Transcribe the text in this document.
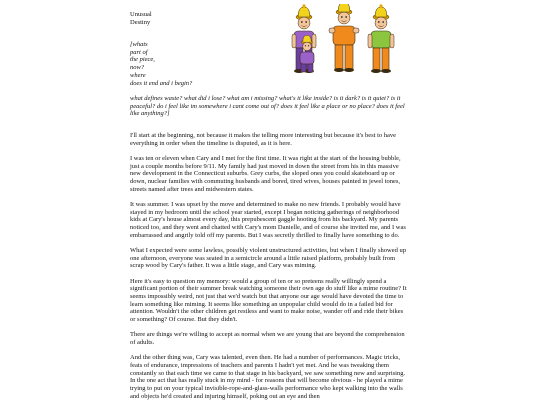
Unusual
Destiny
[whats
part of
the piece,
now?
where
does it end and i begin?
what defines waste? what did i lose? what am i missing? what's it like inside? is it dark? is it quiet? is it peaceful? do i feel like im somewhere i cant come out of? does it feel like a place or no place? does it feel like anything?]

I'll start at the beginning, not because it makes the telling more interesting but because it's best to have everything in order when the timeline is disputed, as it is here.

I was ten or eleven when Cary and I met for the first time. It was right at the start of the housing bubble, just a couple months before 9/11. My family had just moved in down the street from his in this massive new development in the Connecticut suburbs. Grey curbs, the sloped ones you could skateboard up or down, nuclear families with commuting husbands and bored, tired wives, houses painted in jewel tones, streets named after trees and midwestern states.

It was summer. I was upset by the move and determined to make no new friends. I probably would have stayed in my bedroom until the school year started, except I began noticing gatherings of neighborhood kids at Cary's house almost every day, this prepubescent gaggle hooting from his backyard. My parents noticed too, and they went and chatted with Cary's mom Danielle, and of course she invited me, and I was embarrassed and angrily told off my parents. But I was secretly thrilled to finally have something to do.

What I expected were some lawless, possibly violent unstructured activities, but when I finally showed up one afternoon, everyone was seated in a semicircle around a little raised platform, probably built from scrap wood by Cary's father. It was a little stage, and Cary was miming.

Here it's easy to question my memory: would a group of ten or so preteens really willingly spend a significant portion of their summer break watching someone their own age do stuff like a mime routine? It seems impossibly weird, not just that we'd watch but that anyone our age would have devoted the time to learn something like miming. It seems like something an unpopular child would do in a failed bid for attention. Wouldn't the other children get restless and want to make noise, wander off and ride their bikes or something? Of course. But they didn't.

There are things we're willing to accept as normal when we are young that are beyond the comprehension of adults.

And the other thing was, Cary was talented, even then. He had a number of performances. Magic tricks, feats of endurance, impressions of teachers and parents I hadn't yet met. And he was tweaking them constantly so that each time we came to that stage in his backyard, we saw something new and surprising. In the one act that has really stuck in my mind - for reasons that will become obvious - he played a mime trying to put on your typical invisible-rope-and-glass-walls performance who kept walking into the walls and objects he'd created and injuring himself, poking out an eye and then
